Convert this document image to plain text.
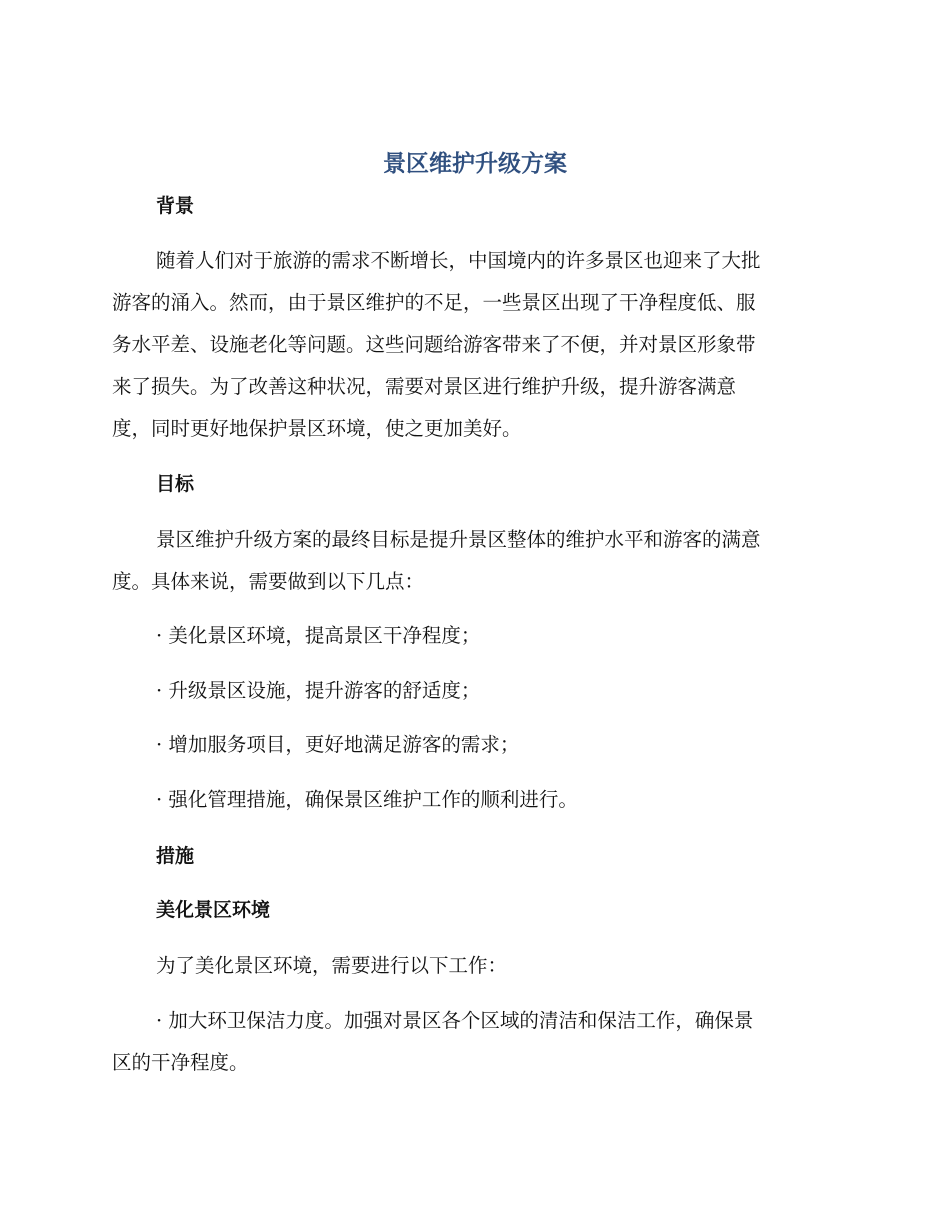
景区维护升级方案
背景
随着人们对于旅游的需求不断增长，中国境内的许多景区也迎来了大批
游客的涌入。然而，由于景区维护的不足，一些景区出现了干净程度低、服
务水平差、设施老化等问题。这些问题给游客带来了不便，并对景区形象带
来了损失。为了改善这种状况，需要对景区进行维护升级，提升游客满意
度，同时更好地保护景区环境，使之更加美好。
目标
景区维护升级方案的最终目标是提升景区整体的维护水平和游客的满意
度。具体来说，需要做到以下几点：
· 美化景区环境，提高景区干净程度；
· 升级景区设施，提升游客的舒适度；
· 增加服务项目，更好地满足游客的需求；
· 强化管理措施，确保景区维护工作的顺利进行。
措施
美化景区环境
为了美化景区环境，需要进行以下工作：
· 加大环卫保洁力度。加强对景区各个区域的清洁和保洁工作，确保景
区的干净程度。
